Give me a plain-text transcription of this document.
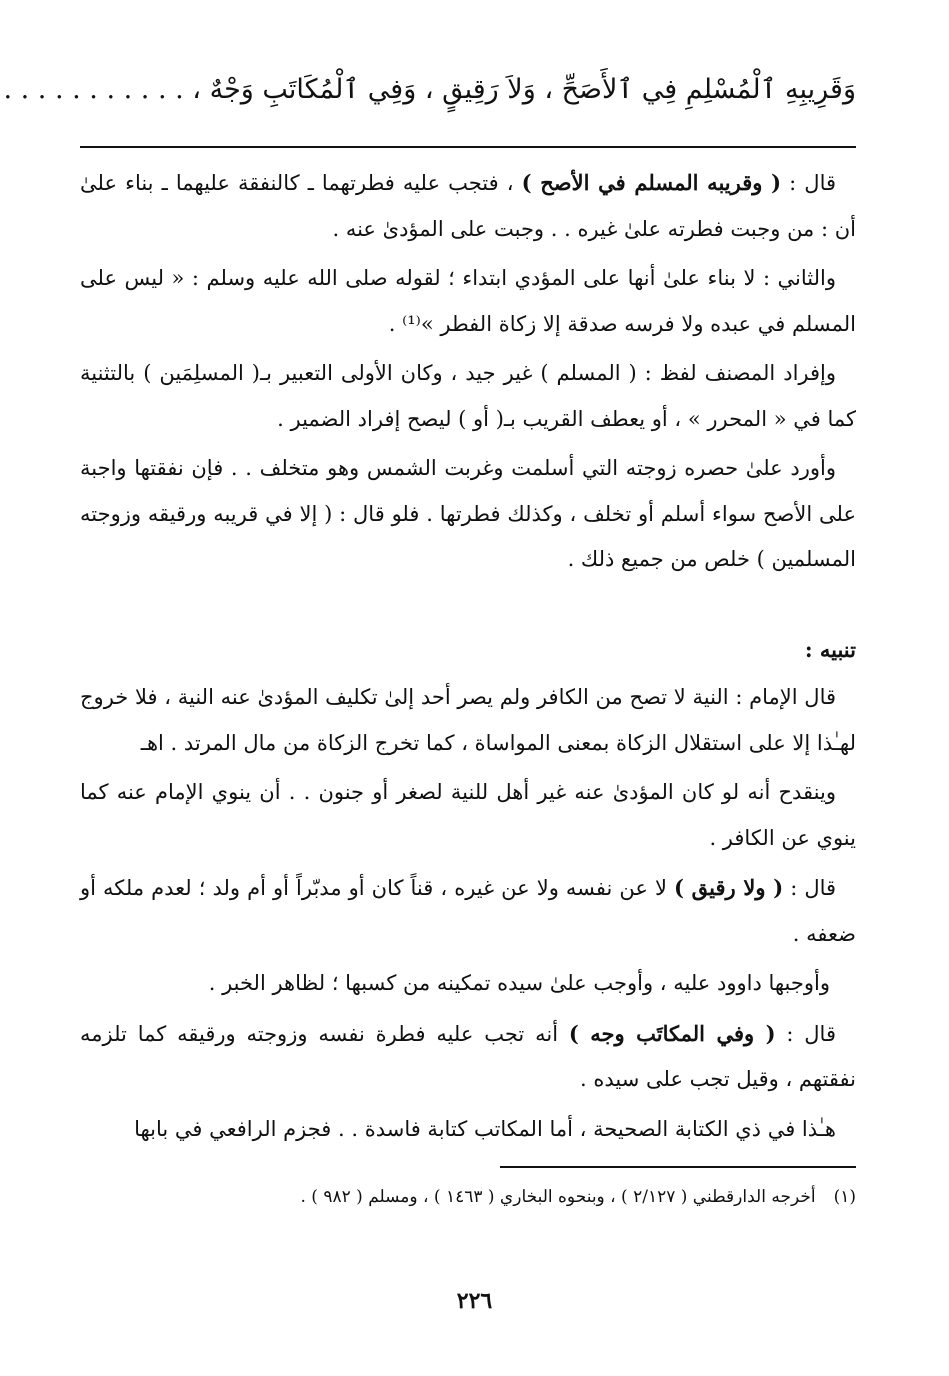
وَقَرِيبِهِ ٱلْمُسْلِمِ فِي ٱلأَصَحِّ ، وَلاَ رَقِيقٍ ، وَفِي ٱلْمُكَاتَبِ وَجْهٌ ، . . . . . . . . . . .

قال : ( وقريبه المسلم في الأصح ) ، فتجب عليه فطرتهما ـ كالنفقة عليهما ـ بناء علىٰ أن : من وجبت فطرته علىٰ غيره . . وجبت على المؤدىٰ عنه .

والثاني : لا بناء علىٰ أنها على المؤدي ابتداء ؛ لقوله صلى الله عليه وسلم : « ليس على المسلم في عبده ولا فرسه صدقة إلا زكاة الفطر »⁽¹⁾ .

وإفراد المصنف لفظ : ( المسلم ) غير جيد ، وكان الأولى التعبير بـ( المسلِمَين ) بالتثنية كما في « المحرر » ، أو يعطف القريب بـ( أو ) ليصح إفراد الضمير .

وأورد علىٰ حصره زوجته التي أسلمت وغربت الشمس وهو متخلف . . فإن نفقتها واجبة على الأصح سواء أسلم أو تخلف ، وكذلك فطرتها . فلو قال : ( إلا في قريبه ورقيقه وزوجته المسلمين ) خلص من جميع ذلك .

تنبيه :

قال الإمام : النية لا تصح من الكافر ولم يصر أحد إلىٰ تكليف المؤدىٰ عنه النية ، فلا خروج لهـٰذا إلا على استقلال الزكاة بمعنى المواساة ، كما تخرج الزكاة من مال المرتد . اهـ

وينقدح أنه لو كان المؤدىٰ عنه غير أهل للنية لصغر أو جنون . . أن ينوي الإمام عنه كما ينوي عن الكافر .

قال : ( ولا رقيق ) لا عن نفسه ولا عن غيره ، قناً كان أو مدبّراً أو أم ولد ؛ لعدم ملكه أو ضعفه .

وأوجبها داوود عليه ، وأوجب علىٰ سيده تمكينه من كسبها ؛ لظاهر الخبر .

قال : ( وفي المكاتَب وجه ) أنه تجب عليه فطرة نفسه وزوجته ورقيقه كما تلزمه نفقتهم ، وقيل تجب على سيده .

هـٰذا في ذي الكتابة الصحيحة ، أما المكاتب كتابة فاسدة . . فجزم الرافعي في بابها

(١)أخرجه الدارقطني ( ٢/١٢٧ ) ، وبنحوه البخاري ( ١٤٦٣ ) ، ومسلم ( ٩٨٢ ) .
٢٢٦
